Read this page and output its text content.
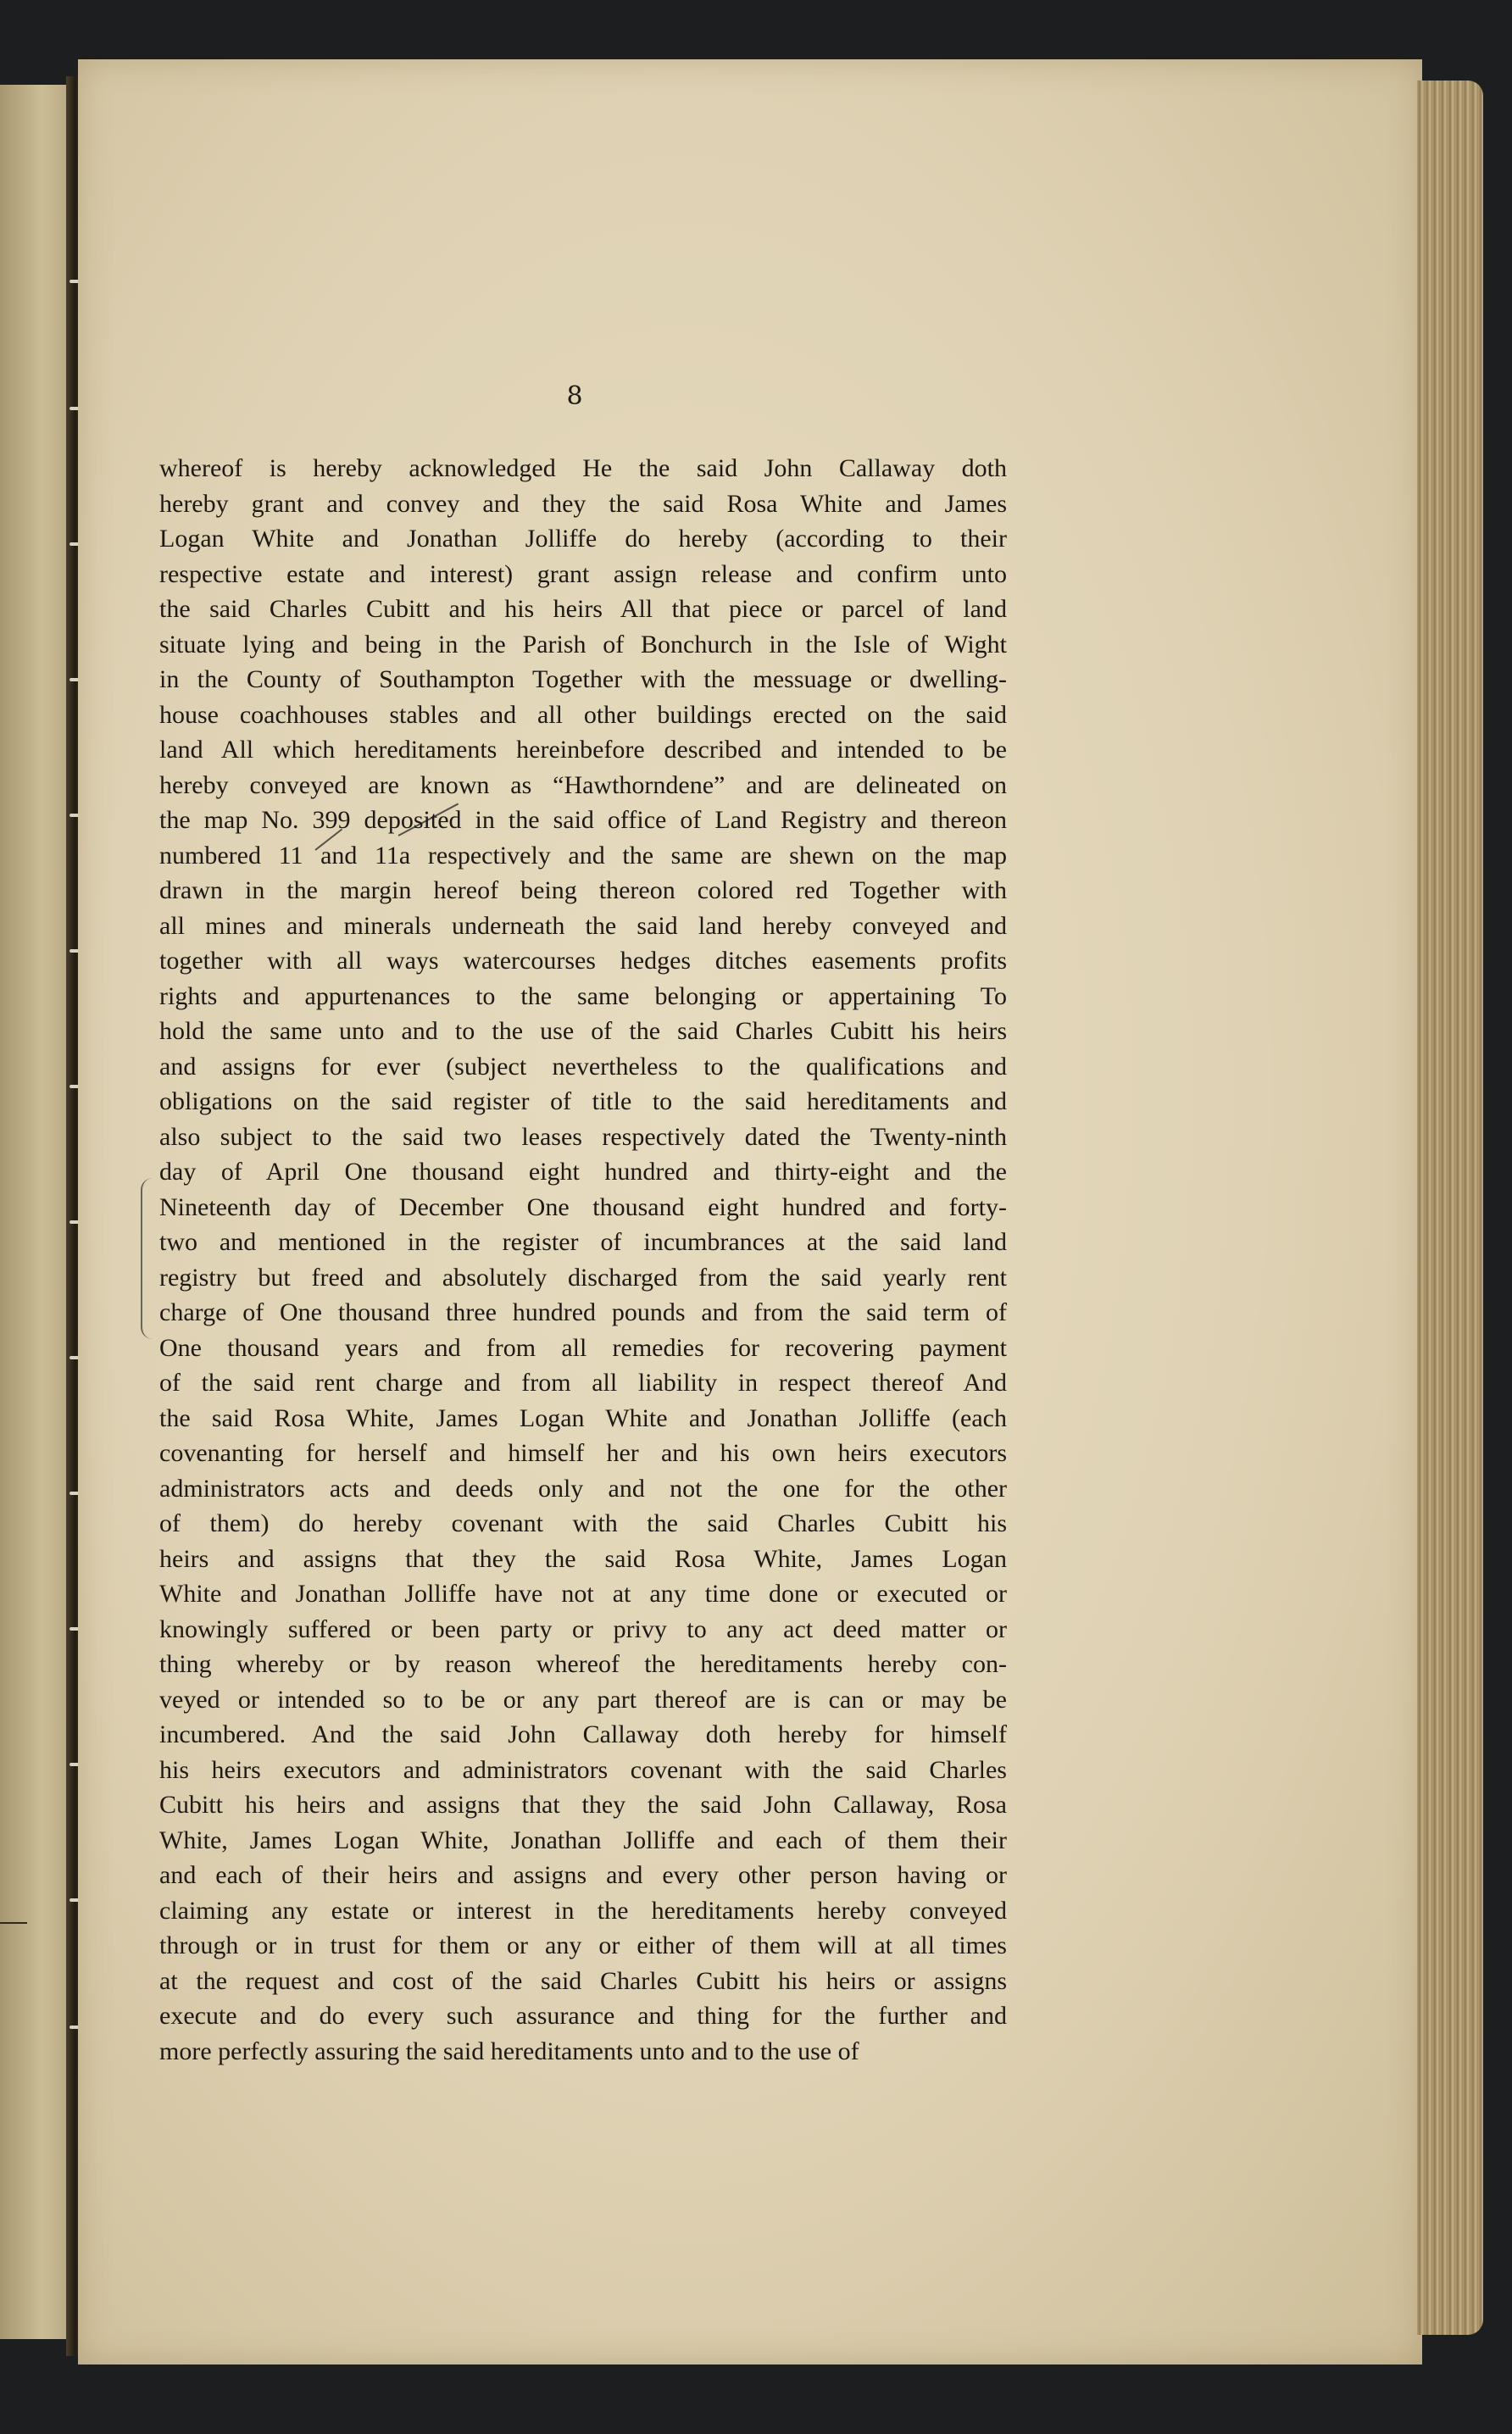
8
whereof is hereby acknowledged He the said John Callaway doth
hereby grant and convey and they the said Rosa White and James
Logan White and Jonathan Jolliffe do hereby (according to their
respective estate and interest) grant assign release and confirm unto
the said Charles Cubitt and his heirs All that piece or parcel of land
situate lying and being in the Parish of Bonchurch in the Isle of Wight
in the County of Southampton Together with the messuage or dwelling-
house coachhouses stables and all other buildings erected on the said
land All which hereditaments hereinbefore described and intended to be
hereby conveyed are known as “Hawthorndene” and are delineated on
the map No. 399 deposited in the said office of Land Registry and thereon
numbered 11 and 11a respectively and the same are shewn on the map
drawn in the margin hereof being thereon colored red Together with
all mines and minerals underneath the said land hereby conveyed and
together with all ways watercourses hedges ditches easements profits
rights and appurtenances to the same belonging or appertaining To
hold the same unto and to the use of the said Charles Cubitt his heirs
and assigns for ever (subject nevertheless to the qualifications and
obligations on the said register of title to the said hereditaments and
also subject to the said two leases respectively dated the Twenty-ninth
day of April One thousand eight hundred and thirty-eight and the
Nineteenth day of December One thousand eight hundred and forty-
two and mentioned in the register of incumbrances at the said land
registry but freed and absolutely discharged from the said yearly rent
charge of One thousand three hundred pounds and from the said term of
One thousand years and from all remedies for recovering payment
of the said rent charge and from all liability in respect thereof And
the said Rosa White, James Logan White and Jonathan Jolliffe (each
covenanting for herself and himself her and his own heirs executors
administrators acts and deeds only and not the one for the other
of them) do hereby covenant with the said Charles Cubitt his
heirs and assigns that they the said Rosa White, James Logan
White and Jonathan Jolliffe have not at any time done or executed or
knowingly suffered or been party or privy to any act deed matter or
thing whereby or by reason whereof the hereditaments hereby con-
veyed or intended so to be or any part thereof are is can or may be
incumbered. And the said John Callaway doth hereby for himself
his heirs executors and administrators covenant with the said Charles
Cubitt his heirs and assigns that they the said John Callaway, Rosa
White, James Logan White, Jonathan Jolliffe and each of them their
and each of their heirs and assigns and every other person having or
claiming any estate or interest in the hereditaments hereby conveyed
through or in trust for them or any or either of them will at all times
at the request and cost of the said Charles Cubitt his heirs or assigns
execute and do every such assurance and thing for the further and
more perfectly assuring the said hereditaments unto and to the use of
